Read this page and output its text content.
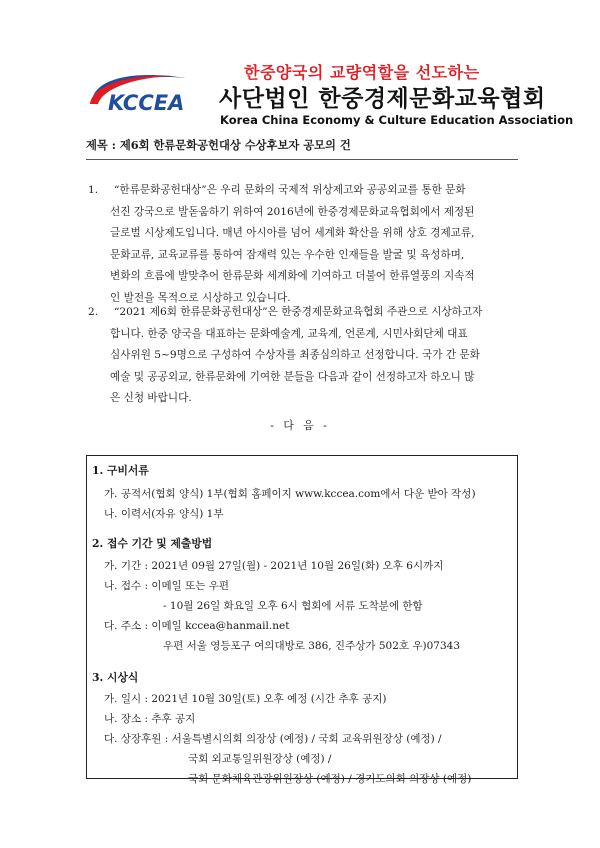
한중양국의 교량역할을 선도하는
KCCEA 사단법인 한중경제문화교육협회
Korea China Economy & Culture Education Association
제목 : 제6회 한류문화공헌대상 수상후보자 공모의 건
1.	“한류문화공헌대상”은 우리 문화의 국제적 위상제고와 공공외교를 통한 문화
선진 강국으로 발돋움하기 위하여 2016년에 한중경제문화교육협회에서 제정된
글로벌 시상제도입니다. 매년 아시아를 넘어 세계화 확산을 위해 상호 경제교류,
문화교류, 교육교류를 통하여 잠재력 있는 우수한 인재들을 발굴 및 육성하며,
변화의 흐름에 발맞추어 한류문화 세계화에 기여하고 더불어 한류열풍의 지속적
인 발전을 목적으로 시상하고 있습니다.
2.	“2021 제6회 한류문화공헌대상”은 한중경제문화교육협회 주관으로 시상하고자
합니다. 한중 양국을 대표하는 문화예술계, 교육계, 언론계, 시민사회단체 대표
심사위원 5~9명으로 구성하여 수상자를 최종심의하고 선정합니다. 국가 간 문화
예술 및 공공외교, 한류문화에 기여한 분들을 다음과 같이 선정하고자 하오니 많
은 신청 바랍니다.
- 다 음 -
1. 구비서류
가. 공적서(협회 양식) 1부(협회 홈페이지 www.kccea.com에서 다운 받아 작성)
나. 이력서(자유 양식) 1부
2. 접수 기간 및 제출방법
가. 기간 : 2021년 09월 27일(월) - 2021년 10월 26일(화) 오후 6시까지
나. 접수 : 이메일 또는 우편
- 10월 26일 화요일 오후 6시 협회에 서류 도착분에 한함
다. 주소 : 이메일 kccea@hanmail.net
우편 서울 영등포구 여의대방로 386, 진주상가 502호 우)07343
3. 시상식
가. 일시 : 2021년 10월 30일(토) 오후 예정 (시간 추후 공지)
나. 장소 : 추후 공지
다. 상장후원 : 서울특별시의회 의장상 (예정) / 국회 교육위원장상 (예정) /
국회 외교통일위원장상 (예정) /
국회 문화체육관광위원장상 (예정) / 경기도의회 의장상 (예정)
